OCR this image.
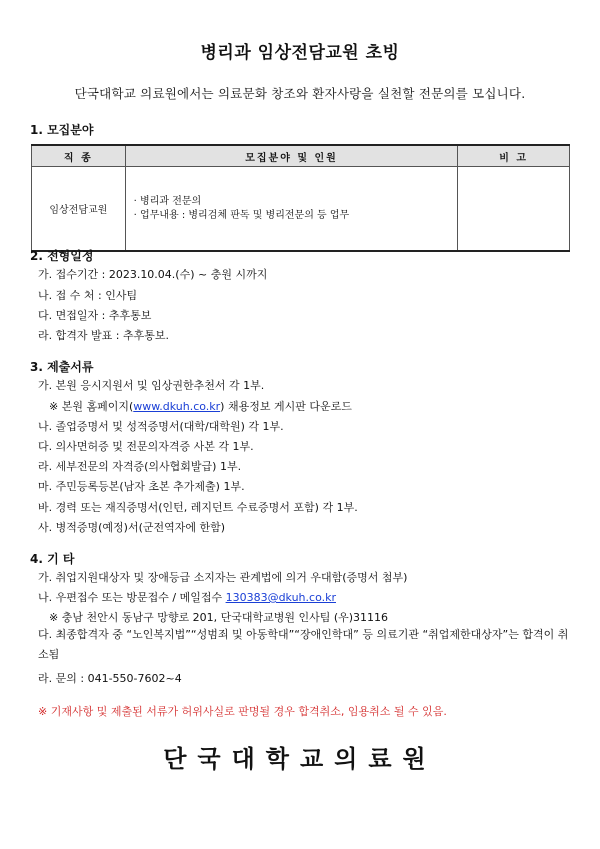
병리과 임상전담교원 초빙
단국대학교 의료원에서는 의료문화 창조와 환자사랑을 실천할 전문의를 모십니다.
1. 모집분야
직 종	모집분야 및 인원	비 고
임상전담교원	· 병리과 전문의
· 업무내용 : 병리검체 판독 및 병리전문의 등 업무	

2. 전형일정
가. 접수기간 : 2023.10.04.(수) ~ 충원 시까지
나. 접 수 처 : 인사팀
다. 면접일자 : 추후통보
라. 합격자 발표 : 추후통보.
3. 제출서류
가. 본원 응시지원서 및 임상권한추천서 각 1부.
※ 본원 홈페이지(www.dkuh.co.kr) 채용정보 게시판 다운로드
나. 졸업증명서 및 성적증명서(대학/대학원) 각 1부.
다. 의사면허증 및 전문의자격증 사본 각 1부.
라. 세부전문의 자격증(의사협회발급) 1부.
마. 주민등록등본(남자 초본 추가제출) 1부.
바. 경력 또는 재직증명서(인턴, 레지던트 수료증명서 포함) 각 1부.
사. 병적증명(예정)서(군전역자에 한함)
4. 기 타
가. 취업지원대상자 및 장애등급 소지자는 관계법에 의거 우대함(증명서 첨부)
나. 우편접수 또는 방문접수 / 메일접수 130383@dkuh.co.kr
※ 충남 천안시 동남구 망향로 201, 단국대학교병원 인사팀 (우)31116
다. 최종합격자 중 “노인복지법”“성범죄 및 아동학대”“장애인학대” 등 의료기관 “취업제한대상자”는 합격이 취소됨
라. 문의 : 041-550-7602~4
※ 기재사항 및 제출된 서류가 허위사실로 판명될 경우 합격취소, 임용취소 될 수 있음.
단국대학교의료원
